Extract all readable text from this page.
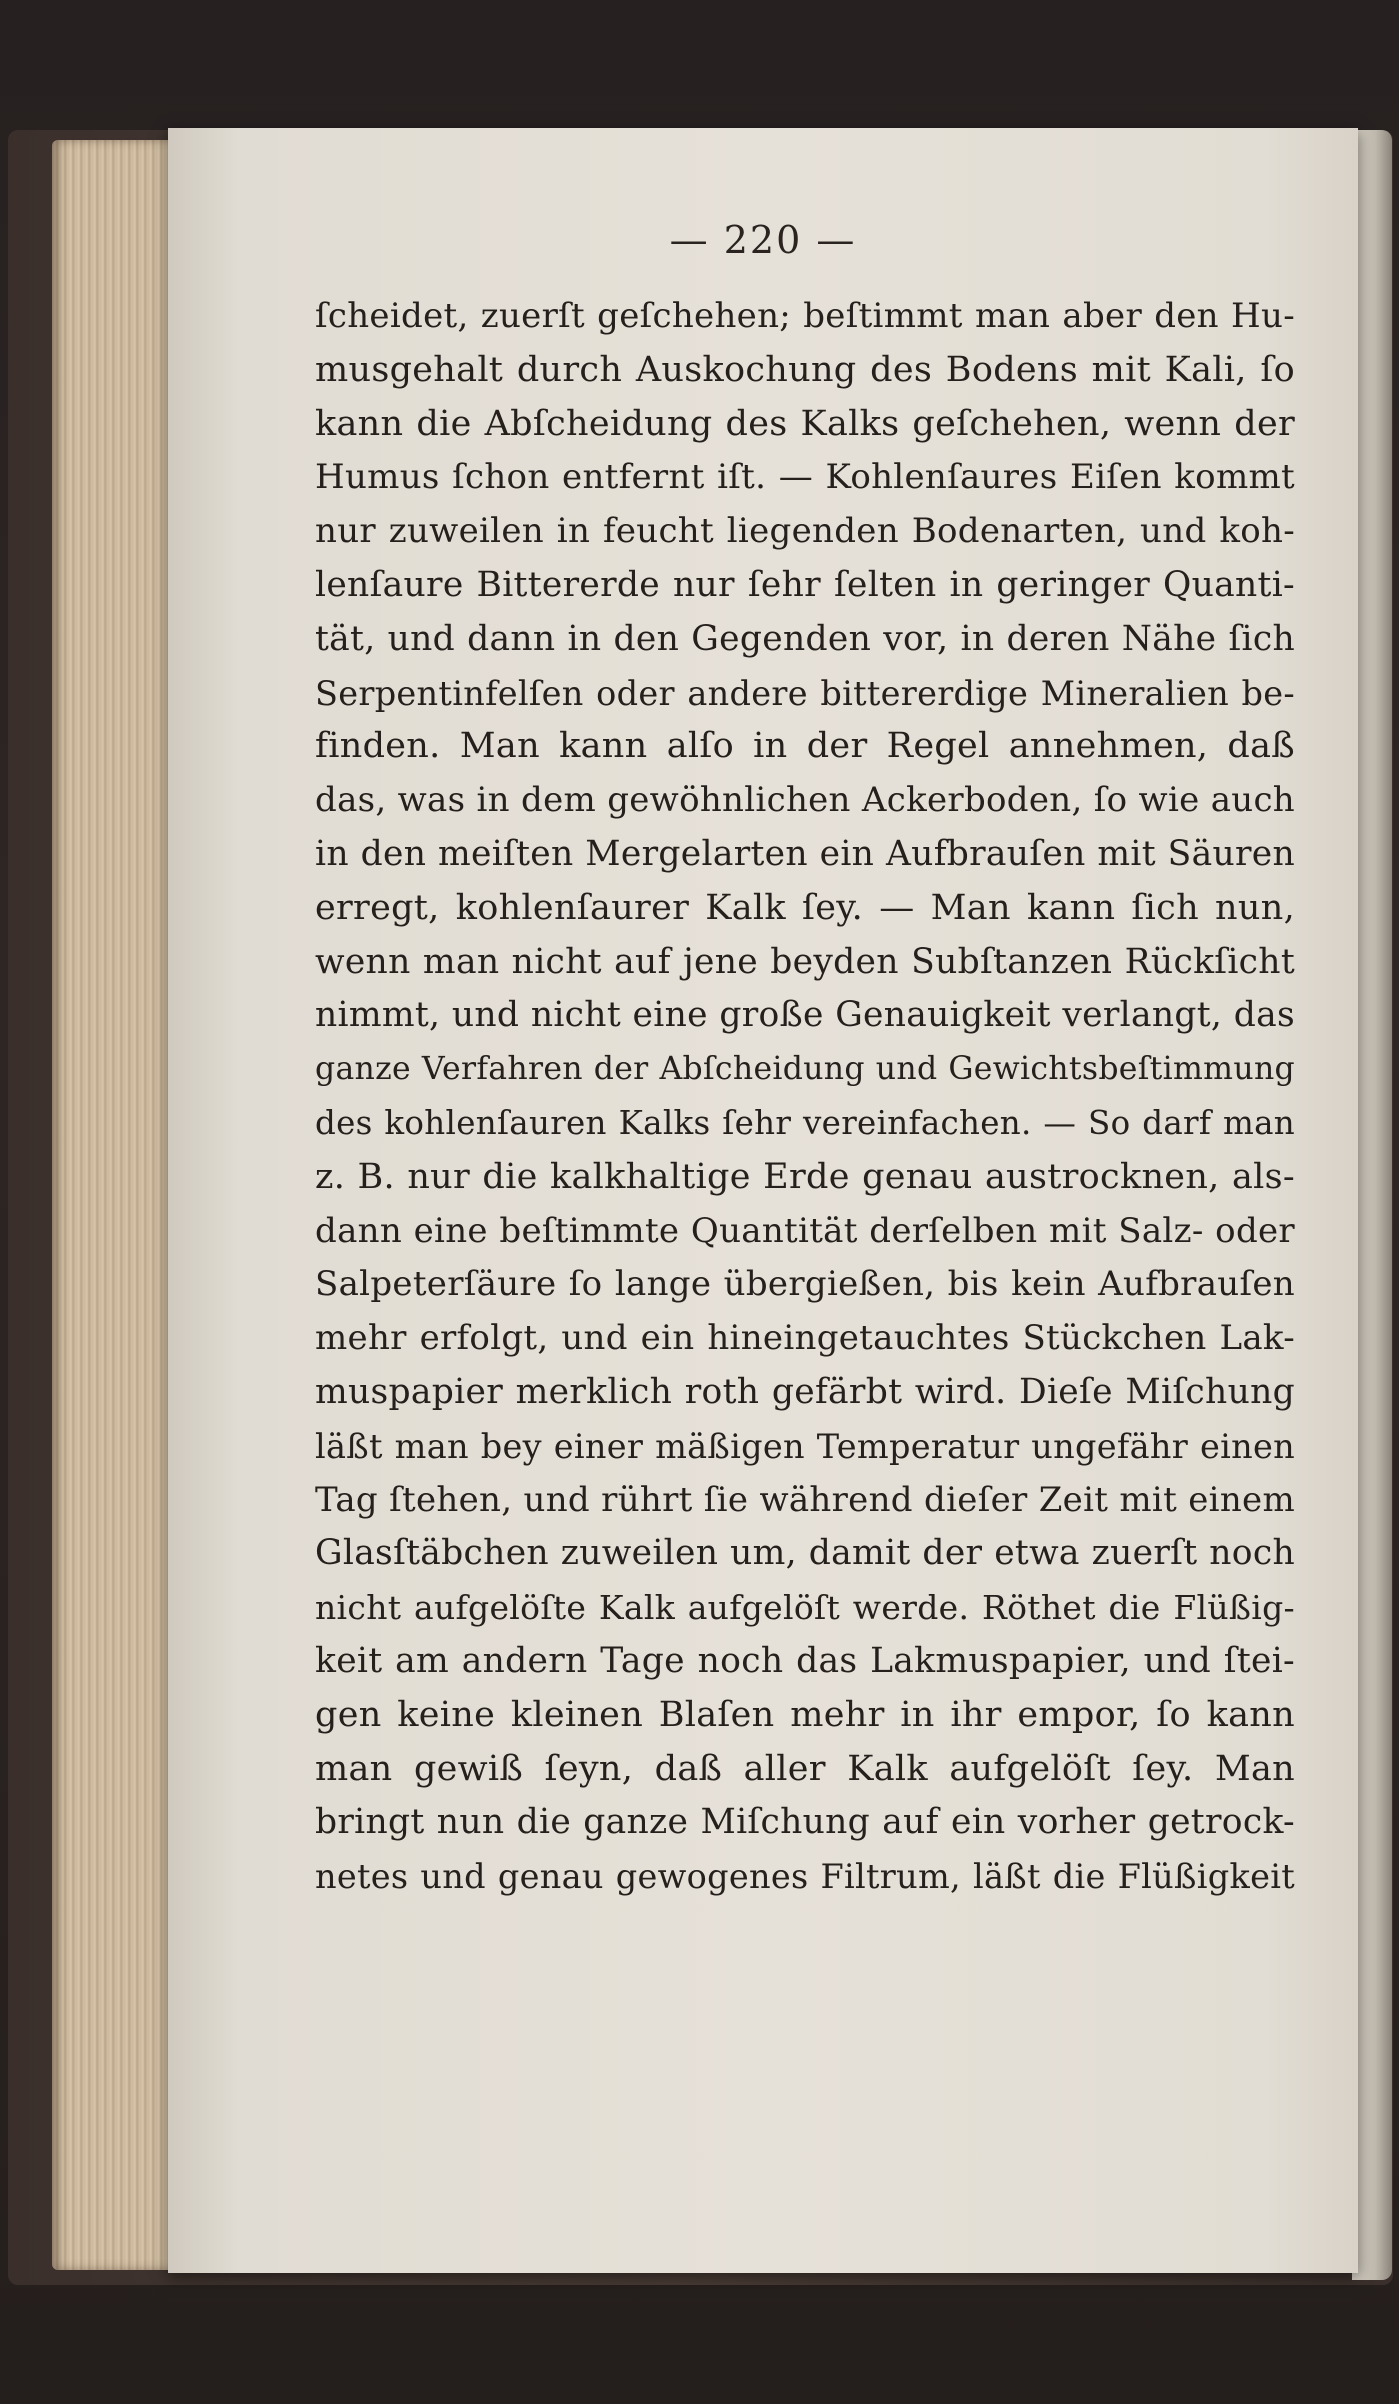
— 220 —
ſcheidet, zuerſt geſchehen; beſtimmt man aber den Hu-
musgehalt durch Auskochung des Bodens mit Kali, ſo
kann die Abſcheidung des Kalks geſchehen, wenn der
Humus ſchon entfernt iſt. — Kohlenſaures Eiſen kommt
nur zuweilen in feucht liegenden Bodenarten, und koh-
lenſaure Bittererde nur ſehr ſelten in geringer Quanti-
tät, und dann in den Gegenden vor, in deren Nähe ſich
Serpentinfelſen oder andere bittererdige Mineralien be-
finden. Man kann alſo in der Regel annehmen, daß
das, was in dem gewöhnlichen Ackerboden, ſo wie auch
in den meiſten Mergelarten ein Aufbrauſen mit Säuren
erregt, kohlenſaurer Kalk ſey. — Man kann ſich nun,
wenn man nicht auf jene beyden Subſtanzen Rückſicht
nimmt, und nicht eine große Genauigkeit verlangt, das
ganze Verfahren der Abſcheidung und Gewichtsbeſtimmung
des kohlenſauren Kalks ſehr vereinfachen. — So darf man
z. B. nur die kalkhaltige Erde genau austrocknen, als-
dann eine beſtimmte Quantität derſelben mit Salz- oder
Salpeterſäure ſo lange übergießen, bis kein Aufbrauſen
mehr erfolgt, und ein hineingetauchtes Stückchen Lak-
muspapier merklich roth gefärbt wird. Dieſe Miſchung
läßt man bey einer mäßigen Temperatur ungefähr einen
Tag ſtehen, und rührt ſie während dieſer Zeit mit einem
Glasſtäbchen zuweilen um, damit der etwa zuerſt noch
nicht aufgelöſte Kalk aufgelöſt werde. Röthet die Flüßig-
keit am andern Tage noch das Lakmuspapier, und ſtei-
gen keine kleinen Blaſen mehr in ihr empor, ſo kann
man gewiß ſeyn, daß aller Kalk aufgelöſt ſey. Man
bringt nun die ganze Miſchung auf ein vorher getrock-
netes und genau gewogenes Filtrum, läßt die Flüßigkeit
